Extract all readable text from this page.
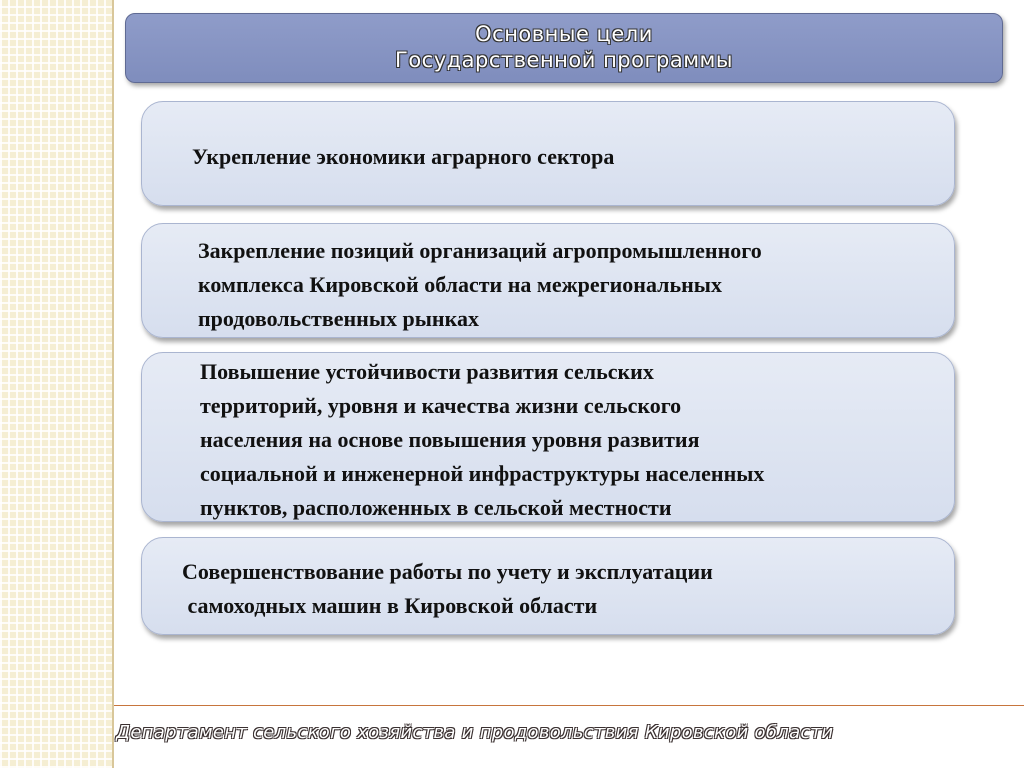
Основные цели
Государственной программы
Укрепление экономики аграрного сектора
Закрепление позиций организаций агропромышленного
комплекса Кировской области на межрегиональных
продовольственных рынках
Повышение устойчивости развития сельских
территорий, уровня и качества жизни сельского
населения на основе повышения уровня развития
социальной и инженерной инфраструктуры населенных
пунктов, расположенных в сельской местности
Совершенствование работы по учету и эксплуатации
самоходных машин в Кировской области
Департамент сельского хозяйства и продовольствия Кировской области
